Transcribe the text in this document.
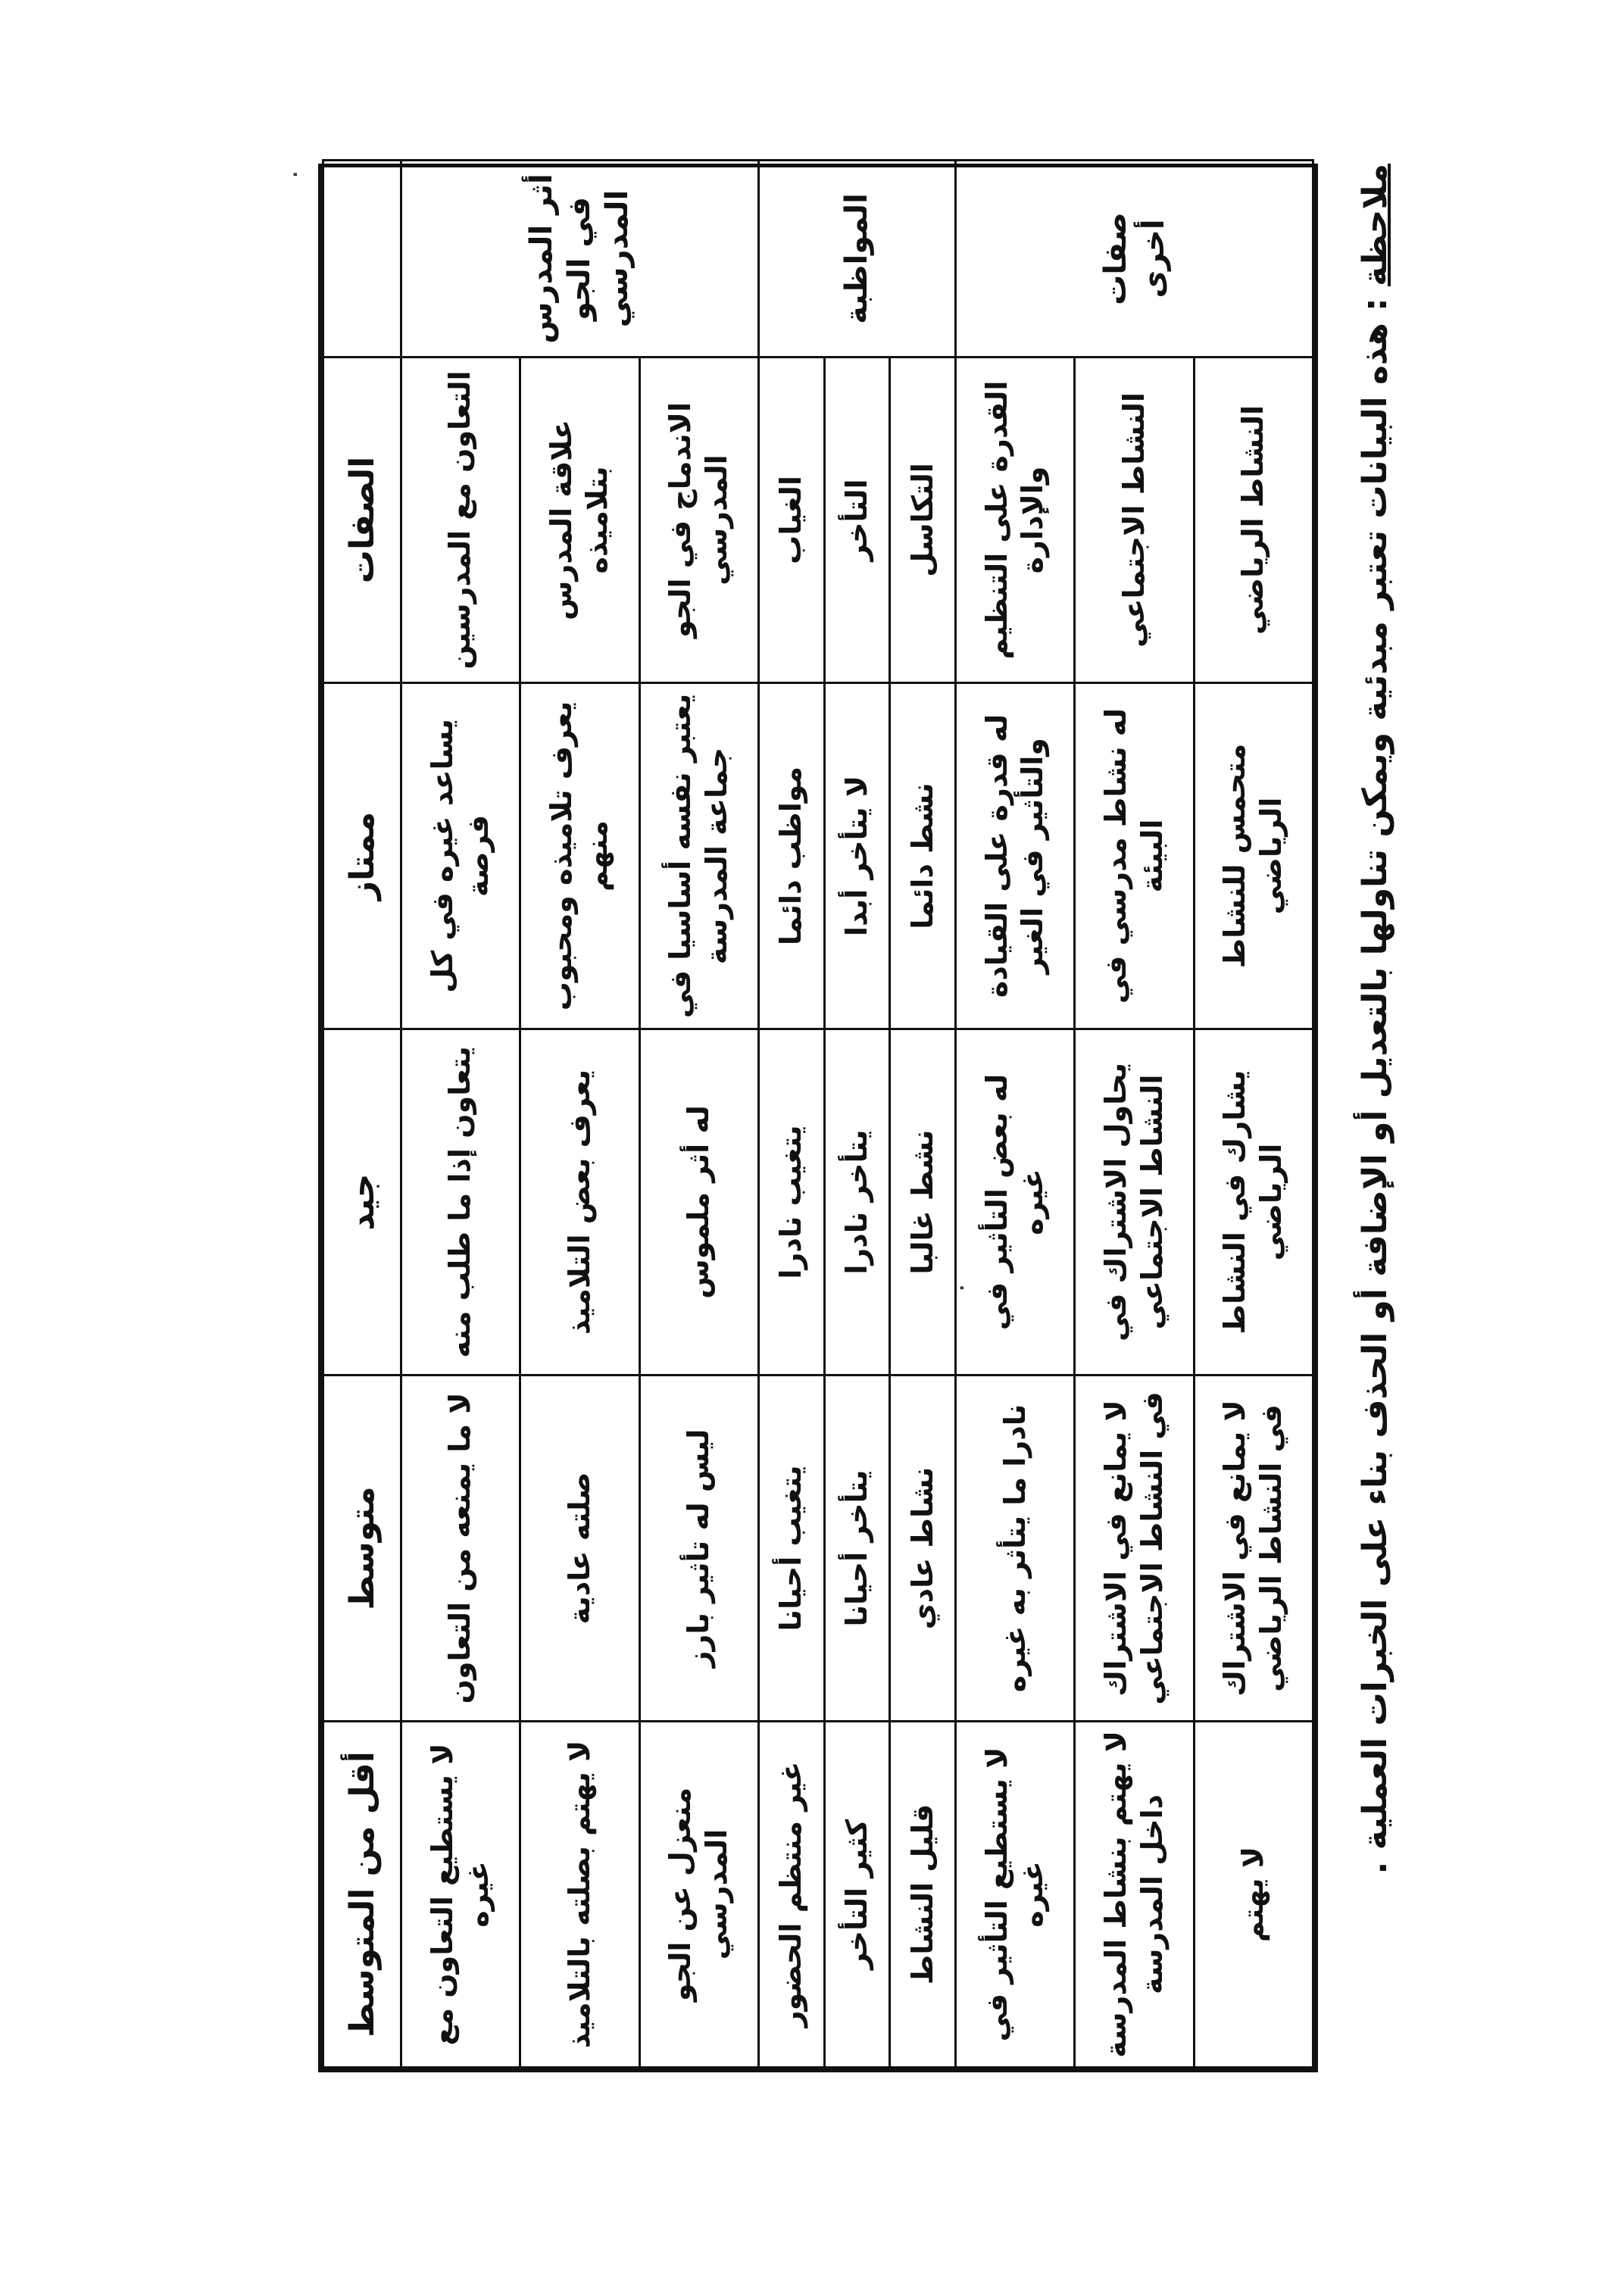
.
.
	الصفات	ممتاز	جيد	متوسط	أقل من المتوسط
أثر المدرس في الجو المدرسي	التعاون مع المدرسين	يساعد غيره في كل فرصة	يتعاون إذا ما طلب منه	لا ما يمنعه من التعاون	لا يستطيع التعاون مع غيره
	علاقة المدرس بتلاميذه	يعرف تلاميذه ومحبوب منهم	يعرف بعض التلاميذ	صلته عادية	لا يهتم بصلته بالتلاميذ
	الاندماج في الجو المدرسي	يعتبر نفسه أساسيا في جماعة المدرسة	له أثر ملموس	ليس له تأثير بارز	منعزل عن الجو المدرسي
المواظبة	الغياب	مواظب دائما	يتغيب نادرا	يتغيب أحيانا	غير منتظم الحضور
	التأخر	لا يتأخر أبدا	يتأخر نادرا	يتأخر أحيانا	كثير التأخر
	التكاسل	نشط دائما	نشط غالبا	نشاط عادي	قليل النشاط
صفات أخرى	القدرة على التنظيم والإدارة	له قدرة على القيادة والتأثير في الغير	له بعض التأثير في غيره	نادرا ما يتأثر به غيره	لا يستطيع التأثير في غيره
	النشاط الاجتماعي	له نشاط مدرسي في البيئة	يحاول الاشتراك في النشاط الاجتماعي	لا يمانع في الاشتراك في النشاط الاجتماعي	لا يهتم بنشاط المدرسة داخل المدرسة
	النشاط الرياضي	متحمس للنشاط الرياضي	يشارك في النشاط الرياضي	لا يمانع في الاشتراك في النشاط الرياضي	لا يهتم
ملاحظة : هذه البيانات تعتبر مبدئية ويمكن تناولها بالتعديل أو الإضافة أو الحذف بناء على الخبرات العملية .
